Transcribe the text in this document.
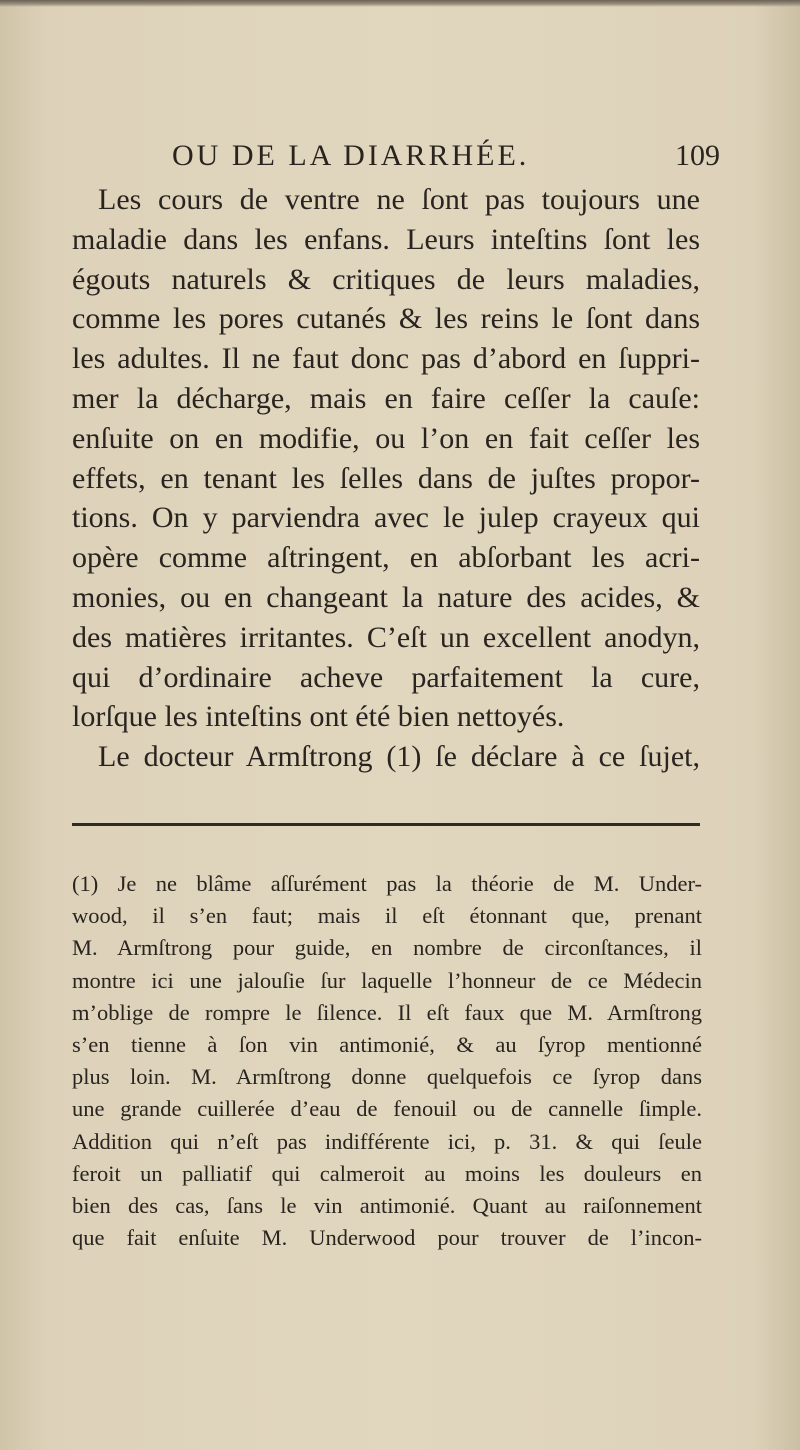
OU DE LA DIARRHÉE.	109
Les cours de ventre ne ſont pas toujours une
maladie dans les enfans. Leurs inteſtins ſont les
égouts naturels & critiques de leurs maladies,
comme les pores cutanés & les reins le ſont dans
les adultes. Il ne faut donc pas d’abord en ſuppri-
mer la décharge, mais en faire ceſſer la cauſe:
enſuite on en modifie, ou l’on en fait ceſſer les
effets, en tenant les ſelles dans de juſtes propor-
tions. On y parviendra avec le julep crayeux qui
opère comme aſtringent, en abſorbant les acri-
monies, ou en changeant la nature des acides, &
des matières irritantes. C’eſt un excellent anodyn,
qui d’ordinaire acheve parfaitement la cure,
lorſque les inteſtins ont été bien nettoyés.
Le docteur Armſtrong (1) ſe déclare à ce ſujet,
(1) Je ne blâme aſſurément pas la théorie de M. Under-
wood, il s’en faut; mais il eſt étonnant que, prenant
M. Armſtrong pour guide, en nombre de circonſtances, il
montre ici une jalouſie ſur laquelle l’honneur de ce Médecin
m’oblige de rompre le ſilence. Il eſt faux que M. Armſtrong
s’en tienne à ſon vin antimonié, & au ſyrop mentionné
plus loin. M. Armſtrong donne quelquefois ce ſyrop dans
une grande cuillerée d’eau de fenouil ou de cannelle ſimple.
Addition qui n’eſt pas indifférente ici, p. 31. & qui ſeule
feroit un palliatif qui calmeroit au moins les douleurs en
bien des cas, ſans le vin antimonié. Quant au raiſonnement
que fait enſuite M. Underwood pour trouver de l’incon-
